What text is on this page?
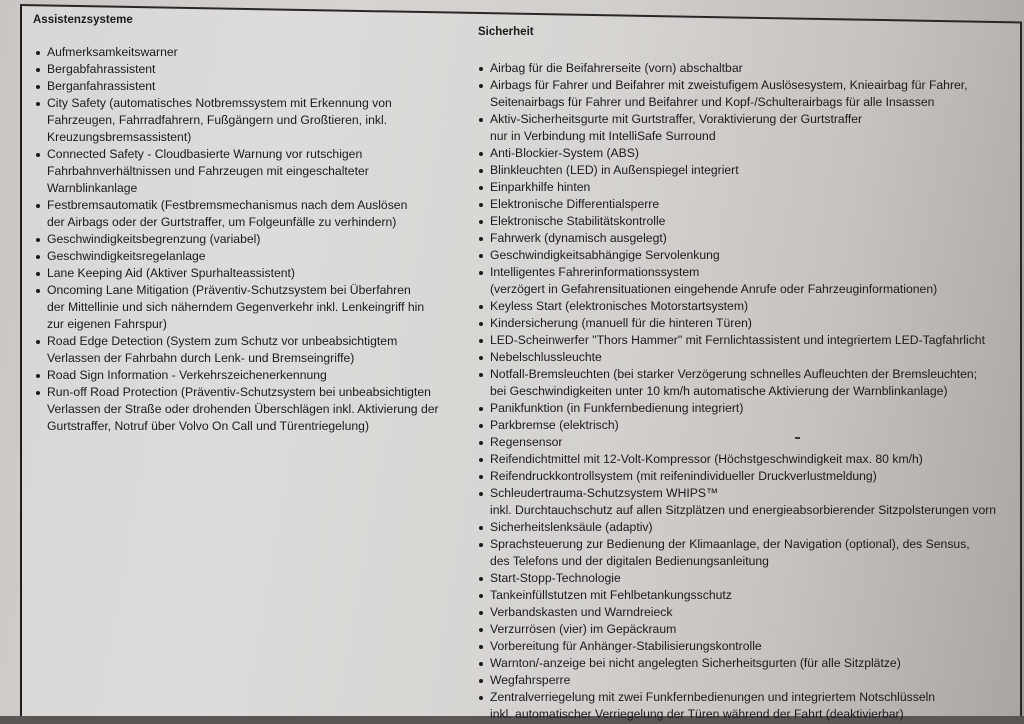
Assistenzsysteme
Aufmerksamkeitswarner
Bergabfahrassistent
Berganfahrassistent
City Safety (automatisches Notbremssystem mit Erkennung von
Fahrzeugen, Fahrradfahrern, Fußgängern und Großtieren, inkl.
Kreuzungsbremsassistent)
Connected Safety - Cloudbasierte Warnung vor rutschigen
Fahrbahnverhältnissen und Fahrzeugen mit eingeschalteter
Warnblinkanlage
Festbremsautomatik (Festbremsmechanismus nach dem Auslösen
der Airbags oder der Gurtstraffer, um Folgeunfälle zu verhindern)
Geschwindigkeitsbegrenzung (variabel)
Geschwindigkeitsregelanlage
Lane Keeping Aid (Aktiver Spurhalteassistent)
Oncoming Lane Mitigation (Präventiv-Schutzsystem bei Überfahren
der Mittellinie und sich näherndem Gegenverkehr inkl. Lenkeingriff hin
zur eigenen Fahrspur)
Road Edge Detection (System zum Schutz vor unbeabsichtigtem
Verlassen der Fahrbahn durch Lenk- und Bremseingriffe)
Road Sign Information - Verkehrszeichenerkennung
Run-off Road Protection (Präventiv-Schutzsystem bei unbeabsichtigten
Verlassen der Straße oder drohenden Überschlägen inkl. Aktivierung der
Gurtstraffer, Notruf über Volvo On Call und Türentriegelung)
Sicherheit
Airbag für die Beifahrerseite (vorn) abschaltbar
Airbags für Fahrer und Beifahrer mit zweistufigem Auslösesystem, Knieairbag für Fahrer,
Seitenairbags für Fahrer und Beifahrer und Kopf-/Schulterairbags für alle Insassen
Aktiv-Sicherheitsgurte mit Gurtstraffer, Voraktivierung der Gurtstraffer
nur in Verbindung mit IntelliSafe Surround
Anti-Blockier-System (ABS)
Blinkleuchten (LED) in Außenspiegel integriert
Einparkhilfe hinten
Elektronische Differentialsperre
Elektronische Stabilitätskontrolle
Fahrwerk (dynamisch ausgelegt)
Geschwindigkeitsabhängige Servolenkung
Intelligentes Fahrerinformationssystem
(verzögert in Gefahrensituationen eingehende Anrufe oder Fahrzeuginformationen)
Keyless Start (elektronisches Motorstartsystem)
Kindersicherung (manuell für die hinteren Türen)
LED-Scheinwerfer "Thors Hammer" mit Fernlichtassistent und integriertem LED-Tagfahrlicht
Nebelschlussleuchte
Notfall-Bremsleuchten (bei starker Verzögerung schnelles Aufleuchten der Bremsleuchten;
bei Geschwindigkeiten unter 10 km/h automatische Aktivierung der Warnblinkanlage)
Panikfunktion (in Funkfernbedienung integriert)
Parkbremse (elektrisch)
Regensensor
Reifendichtmittel mit 12-Volt-Kompressor (Höchstgeschwindigkeit max. 80 km/h)
Reifendruckkontrollsystem (mit reifenindividueller Druckverlustmeldung)
Schleudertrauma-Schutzsystem WHIPS™
inkl. Durchtauchschutz auf allen Sitzplätzen und energieabsorbierender Sitzpolsterungen vorn
Sicherheitslenksäule (adaptiv)
Sprachsteuerung zur Bedienung der Klimaanlage, der Navigation (optional), des Sensus,
des Telefons und der digitalen Bedienungsanleitung
Start-Stopp-Technologie
Tankeinfüllstutzen mit Fehlbetankungsschutz
Verbandskasten und Warndreieck
Verzurrösen (vier) im Gepäckraum
Vorbereitung für Anhänger-Stabilisierungskontrolle
Warnton/-anzeige bei nicht angelegten Sicherheitsgurten (für alle Sitzplätze)
Wegfahrsperre
Zentralverriegelung mit zwei Funkfernbedienungen und integriertem Notschlüsseln
inkl. automatischer Verriegelung der Türen während der Fahrt (deaktivierbar)
